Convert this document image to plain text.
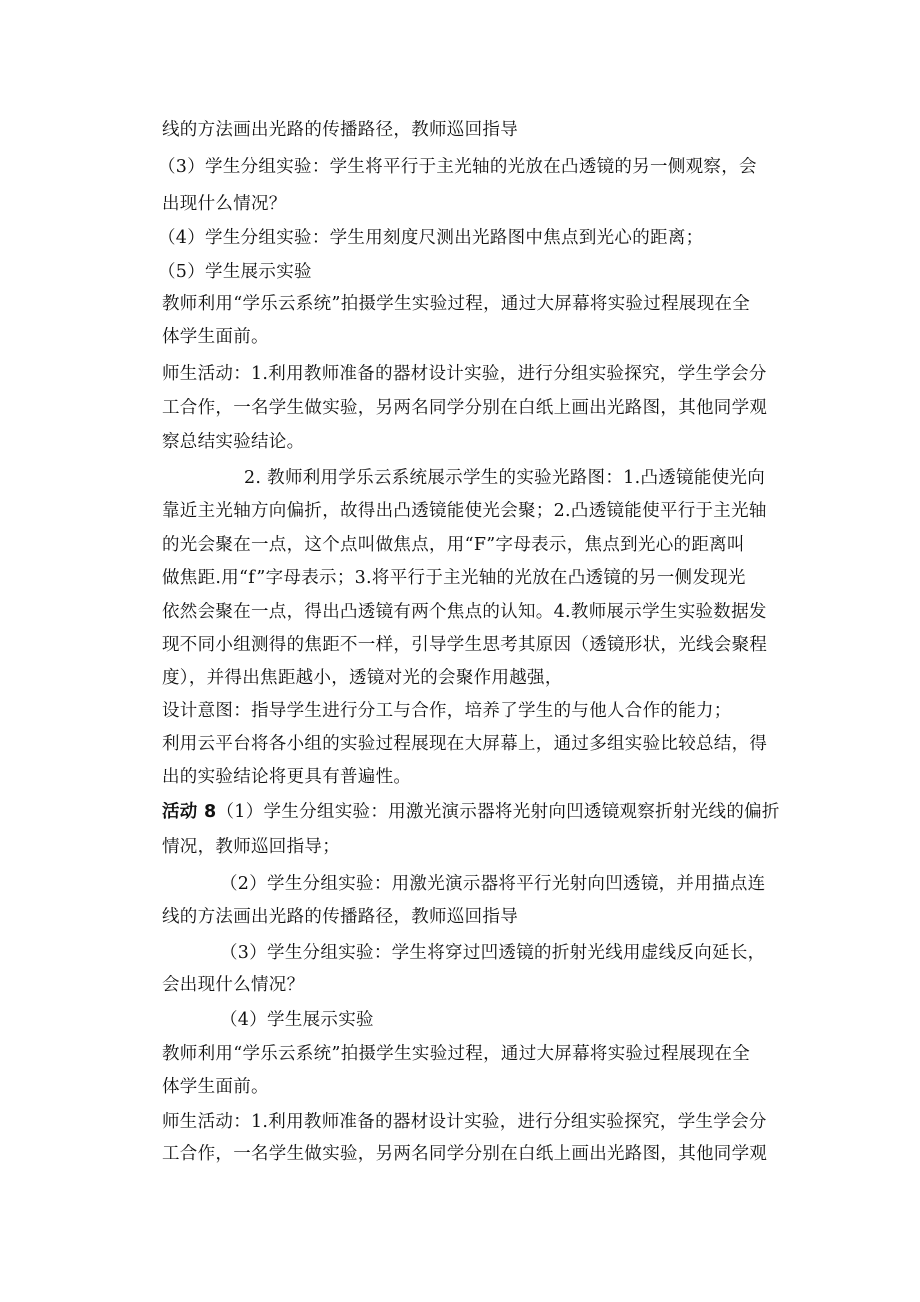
线的方法画出光路的传播路径，教师巡回指导
（3）学生分组实验：学生将平行于主光轴的光放在凸透镜的另一侧观察，会
出现什么情况？
（4）学生分组实验：学生用刻度尺测出光路图中焦点到光心的距离；
（5）学生展示实验
教师利用“学乐云系统”拍摄学生实验过程，通过大屏幕将实验过程展现在全
体学生面前。
师生活动：1.利用教师准备的器材设计实验，进行分组实验探究，学生学会分
工合作，一名学生做实验，另两名同学分别在白纸上画出光路图，其他同学观
察总结实验结论。
2. 教师利用学乐云系统展示学生的实验光路图：1.凸透镜能使光向
靠近主光轴方向偏折，故得出凸透镜能使光会聚；2.凸透镜能使平行于主光轴
的光会聚在一点，这个点叫做焦点，用“F”字母表示，焦点到光心的距离叫
做焦距.用“f”字母表示；3.将平行于主光轴的光放在凸透镜的另一侧发现光
依然会聚在一点，得出凸透镜有两个焦点的认知。4.教师展示学生实验数据发
现不同小组测得的焦距不一样，引导学生思考其原因（透镜形状，光线会聚程
度），并得出焦距越小，透镜对光的会聚作用越强，
设计意图：指导学生进行分工与合作，培养了学生的与他人合作的能力；
利用云平台将各小组的实验过程展现在大屏幕上，通过多组实验比较总结，得
出的实验结论将更具有普遍性。
活动 8（1）学生分组实验：用激光演示器将光射向凹透镜观察折射光线的偏折
情况，教师巡回指导；
（2）学生分组实验：用激光演示器将平行光射向凹透镜，并用描点连
线的方法画出光路的传播路径，教师巡回指导
（3）学生分组实验：学生将穿过凹透镜的折射光线用虚线反向延长，
会出现什么情况？
（4）学生展示实验
教师利用“学乐云系统”拍摄学生实验过程，通过大屏幕将实验过程展现在全
体学生面前。
师生活动：1.利用教师准备的器材设计实验，进行分组实验探究，学生学会分
工合作，一名学生做实验，另两名同学分别在白纸上画出光路图，其他同学观
